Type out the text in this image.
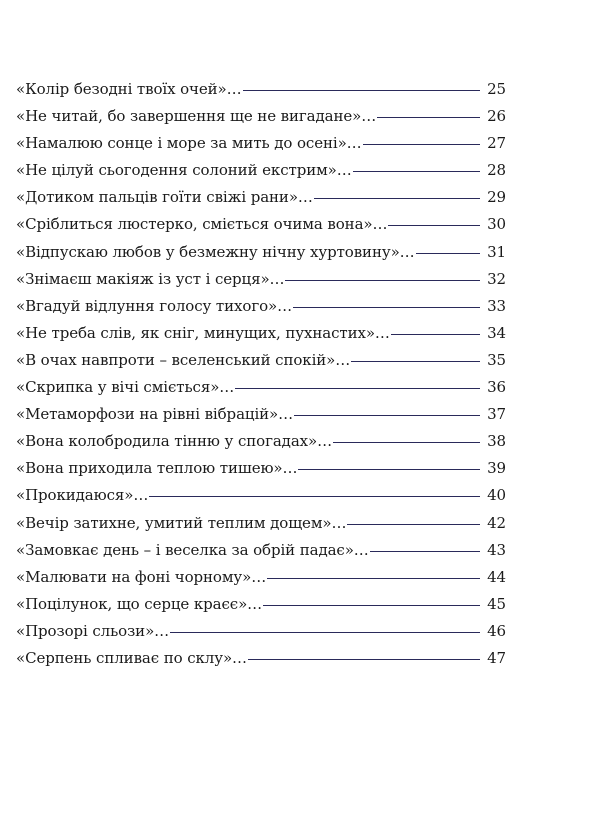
«Колір безодні твоїх очей»…	25
«Не читай, бо завершення ще не вигадане»…	26
«Намалюю сонце і море за мить до осені»…	27
«Не цілуй сьогодення солоний екстрим»…	28
«Дотиком пальців гоїти свіжі рани»…	29
«Сріблиться люстерко, сміється очима вона»…	30
«Відпускаю любов у безмежну нічну хуртовину»…	31
«Знімаєш макіяж із уст і серця»…	32
«Вгадуй відлуння голосу тихого»…	33
«Не треба слів, як сніг, минущих, пухнастих»…	34
«В очах навпроти – вселенський спокій»…	35
«Скрипка у вічі сміється»…	36
«Метаморфози на рівні вібрацій»…	37
«Вона колобродила тінню у спогадах»…	38
«Вона приходила теплою тишею»…	39
«Прокидаюся»…	40
«Вечір затихне, умитий теплим дощем»…	42
«Замовкає день – і веселка за обрій падає»…	43
«Малювати на фоні чорному»…	44
«Поцілунок, що серце краєє»…	45
«Прозорі сльози»…	46
«Серпень спливає по склу»…	47
